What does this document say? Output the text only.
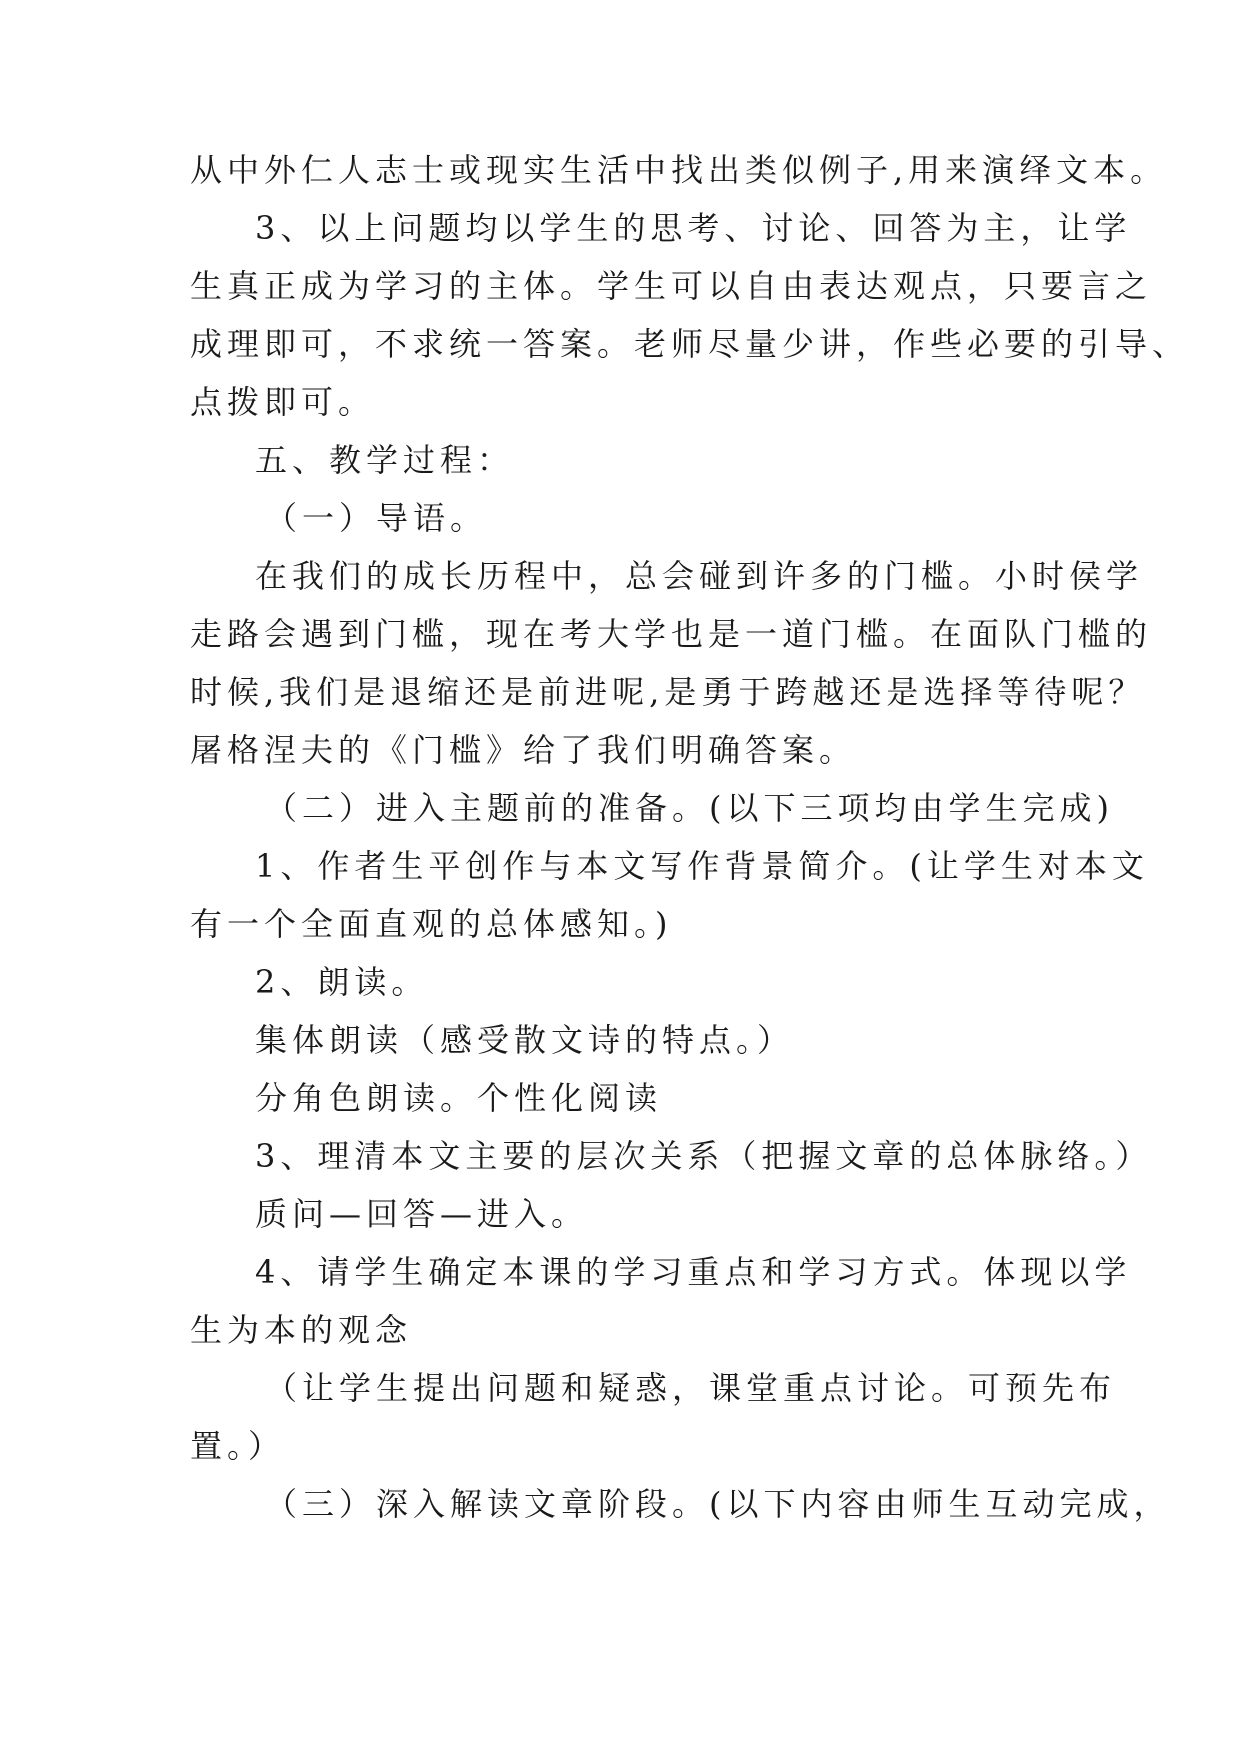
从中外仁人志士或现实生活中找出类似例子,用来演绎文本。
3、以上问题均以学生的思考、讨论、回答为主，让学
生真正成为学习的主体。学生可以自由表达观点，只要言之
成理即可，不求统一答案。老师尽量少讲，作些必要的引导、
点拨即可。
五、教学过程：
（一）导语。
在我们的成长历程中，总会碰到许多的门槛。小时侯学
走路会遇到门槛，现在考大学也是一道门槛。在面队门槛的
时候,我们是退缩还是前进呢,是勇于跨越还是选择等待呢？
屠格涅夫的《门槛》给了我们明确答案。
（二）进入主题前的准备。(以下三项均由学生完成)
1、作者生平创作与本文写作背景简介。(让学生对本文
有一个全面直观的总体感知。)
2、朗读。
集体朗读（感受散文诗的特点。）
分角色朗读。个性化阅读
3、理清本文主要的层次关系（把握文章的总体脉络。）
质问—回答—进入。
4、请学生确定本课的学习重点和学习方式。体现以学
生为本的观念
（让学生提出问题和疑惑，课堂重点讨论。可预先布
置。）
（三）深入解读文章阶段。(以下内容由师生互动完成，
